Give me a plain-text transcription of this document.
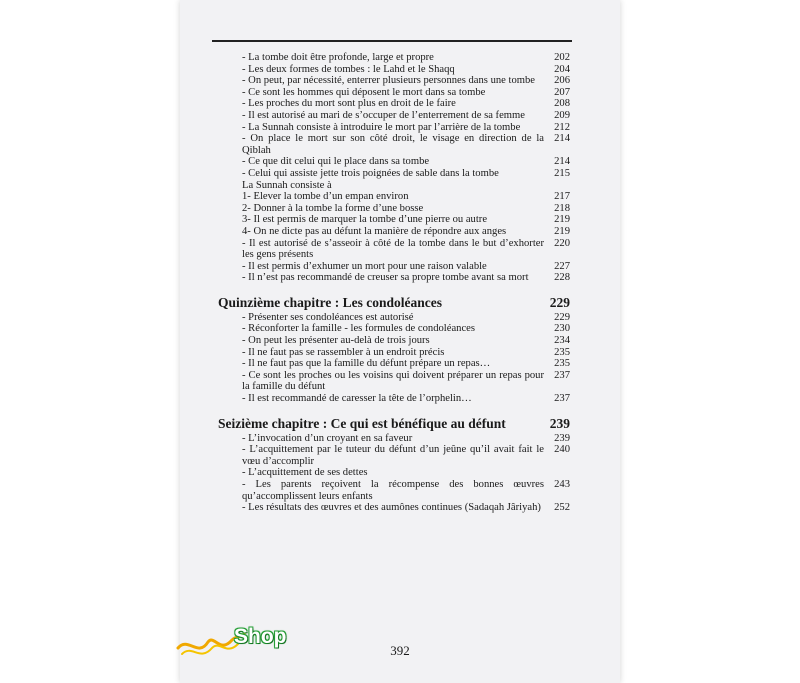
- La tombe doit être profonde, large et propre	202
- Les deux formes de tombes : le Lahd et le Shaqq	204
- On peut, par nécessité, enterrer plusieurs personnes dans une tombe 206
- Ce sont les hommes qui déposent le mort dans sa tombe	207
- Les proches du mort sont plus en droit de le faire	208
- Il est autorisé au mari de s’occuper de l’enterrement de sa femme	209
- La Sunnah consiste à introduire le mort par l’arrière de la tombe	212
- On place le mort sur son côté droit, le visage en direction de la Qiblah
214
- Ce que dit celui qui le place dans sa tombe	214
- Celui qui assiste jette trois poignées de sable dans la tombe	215
La Sunnah consiste à
1- Elever la tombe d’un empan environ	217
2- Donner à la tombe la forme d’une bosse	218
3- Il est permis de marquer la tombe d’une pierre ou autre	219
4- On ne dicte pas au défunt la manière de répondre aux anges	219
- Il est autorisé de s’asseoir à côté de la tombe dans le but d’exhorter les gens présents
220
- Il est permis d’exhumer un mort pour une raison valable	227
- Il n’est pas recommandé de creuser sa propre tombe avant sa mort 228
Quinzième chapitre : Les condoléances	229
- Présenter ses condoléances est autorisé	229
- Réconforter la famille - les formules de condoléances	230
- On peut les présenter au-delà de trois jours	234
- Il ne faut pas se rassembler à un endroit précis	235
- Il ne faut pas que la famille du défunt prépare un repas…	235
- Ce sont les proches ou les voisins qui doivent préparer un repas pour la famille du défunt
237
- Il est recommandé de caresser la tête de l’orphelin…	237
Seizième chapitre : Ce qui est bénéfique au défunt	239
- L’invocation d’un croyant en sa faveur	239
- L’acquittement par le tuteur du défunt d’un jeûne qu’il avait fait le vœu d’accomplir
240
- L’acquittement de ses dettes
- Les parents reçoivent la récompense des bonnes œuvres qu’accomplissent leurs enfants
243
- Les résultats des œuvres et des aumônes continues (Sadaqah Jâriyah) 252
392
Shop
